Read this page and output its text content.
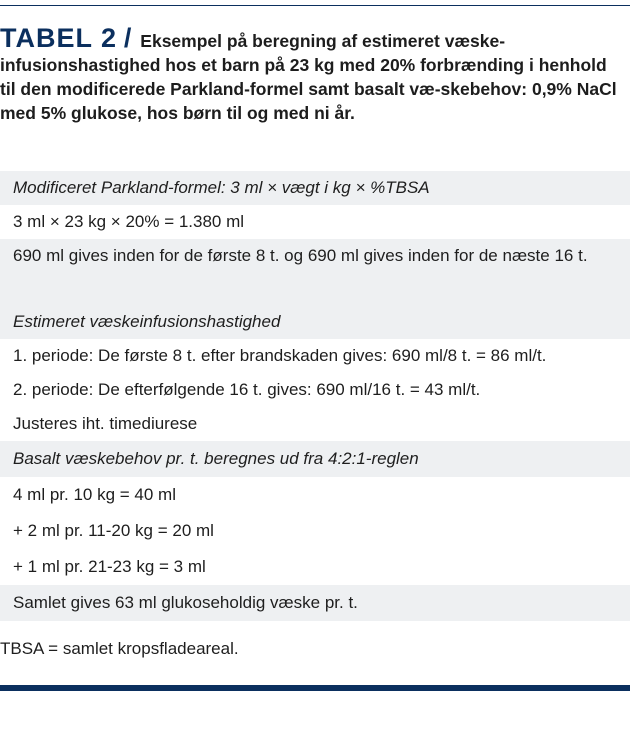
TABEL 2 / Eksempel på beregning af estimeret væske-infusionshastighed hos et barn på 23 kg med 20% forbrænding i henhold til den modificerede Parkland-formel samt basalt væ-skebehov: 0,9% NaCl med 5% glukose, hos børn til og med ni år.
Modificeret Parkland-formel: 3 ml × vægt i kg × %TBSA
3 ml × 23 kg × 20% = 1.380 ml
690 ml gives inden for de første 8 t. og 690 ml gives inden for de næste 16 t.
Estimeret væskeinfusionshastighed
1. periode: De første 8 t. efter brandskaden gives: 690 ml/8 t. = 86 ml/t.
2. periode: De efterfølgende 16 t. gives: 690 ml/16 t. = 43 ml/t.
Justeres iht. timediurese
Basalt væskebehov pr. t. beregnes ud fra 4:2:1-reglen
4 ml pr. 10 kg = 40 ml
+ 2 ml pr. 11-20 kg = 20 ml
+ 1 ml pr. 21-23 kg = 3 ml
Samlet gives 63 ml glukoseholdig væske pr. t.
TBSA = samlet kropsfladeareal.
